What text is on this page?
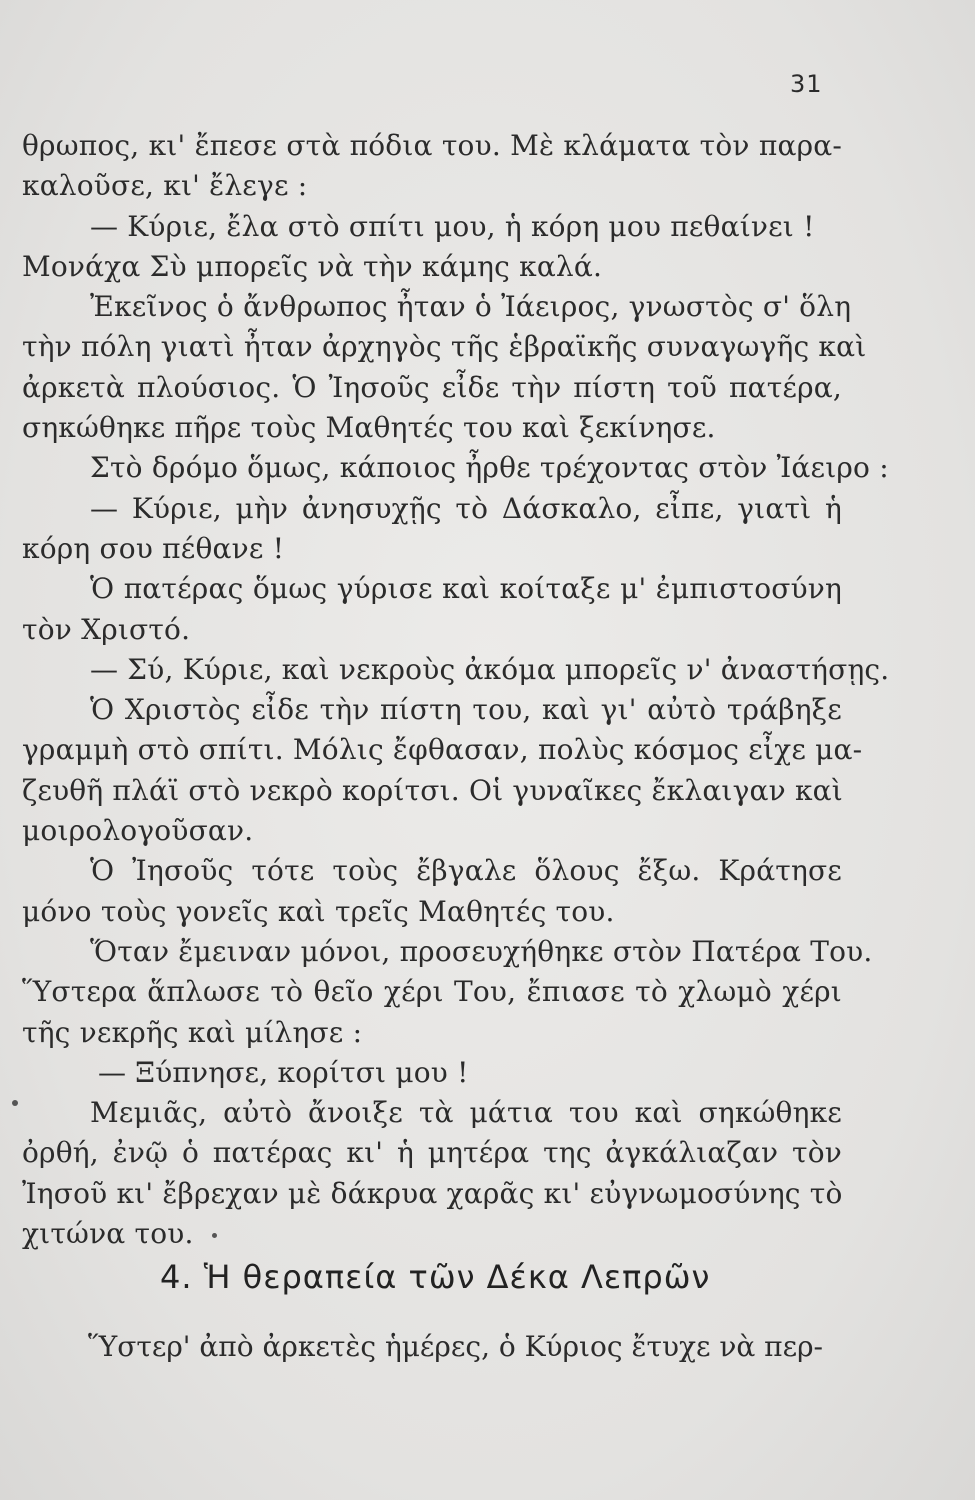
31
θρωπος, κι' ἔπεσε στὰ πόδια του. Μὲ κλάματα τὸν παρα-
καλοῦσε, κι' ἔλεγε :
— Κύριε, ἔλα στὸ σπίτι μου, ἡ κόρη μου πεθαίνει !
Μονάχα Σὺ μπορεῖς νὰ τὴν κάμης καλά.
Ἐκεῖνος ὁ ἄνθρωπος ἦταν ὁ Ἰάειρος, γνωστὸς σ' ὅλη
τὴν πόλη γιατὶ ἦταν ἀρχηγὸς τῆς ἑβραϊκῆς συναγωγῆς καὶ
ἀρκετὰ πλούσιος. Ὁ Ἰησοῦς εἶδε τὴν πίστη τοῦ πατέρα,
σηκώθηκε πῆρε τοὺς Μαθητές του καὶ ξεκίνησε.
Στὸ δρόμο ὅμως, κάποιος ἦρθε τρέχοντας στὸν Ἰάειρο :
— Κύριε, μὴν ἀνησυχῇς τὸ Δάσκαλο, εἶπε, γιατὶ ἡ
κόρη σου πέθανε !
Ὁ πατέρας ὅμως γύρισε καὶ κοίταξε μ' ἐμπιστοσύνη
τὸν Χριστό.
— Σύ, Κύριε, καὶ νεκροὺς ἀκόμα μπορεῖς ν' ἀναστήσῃς.
Ὁ Χριστὸς εἶδε τὴν πίστη του, καὶ γι' αὐτὸ τράβηξε
γραμμὴ στὸ σπίτι. Μόλις ἔφθασαν, πολὺς κόσμος εἶχε μα-
ζευθῆ πλάϊ στὸ νεκρὸ κορίτσι. Οἱ γυναῖκες ἔκλαιγαν καὶ
μοιρολογοῦσαν.
Ὁ Ἰησοῦς τότε τοὺς ἔβγαλε ὅλους ἔξω. Κράτησε
μόνο τοὺς γονεῖς καὶ τρεῖς Μαθητές του.
Ὅταν ἔμειναν μόνοι, προσευχήθηκε στὸν Πατέρα Του.
Ὕστερα ἅπλωσε τὸ θεῖο χέρι Του, ἔπιασε τὸ χλωμὸ χέρι
τῆς νεκρῆς καὶ μίλησε :
— Ξύπνησε, κορίτσι μου !
Μεμιᾶς, αὐτὸ ἄνοιξε τὰ μάτια του καὶ σηκώθηκε
ὀρθή, ἐνῷ ὁ πατέρας κι' ἡ μητέρα της ἀγκάλιαζαν τὸν
Ἰησοῦ κι' ἔβρεχαν μὲ δάκρυα χαρᾶς κι' εὐγνωμοσύνης τὸ
χιτώνα του.
4. Ἡ θεραπεία τῶν Δέκα Λεπρῶν
Ὕστερ' ἀπὸ ἀρκετὲς ἡμέρες, ὁ Κύριος ἔτυχε νὰ περ-
